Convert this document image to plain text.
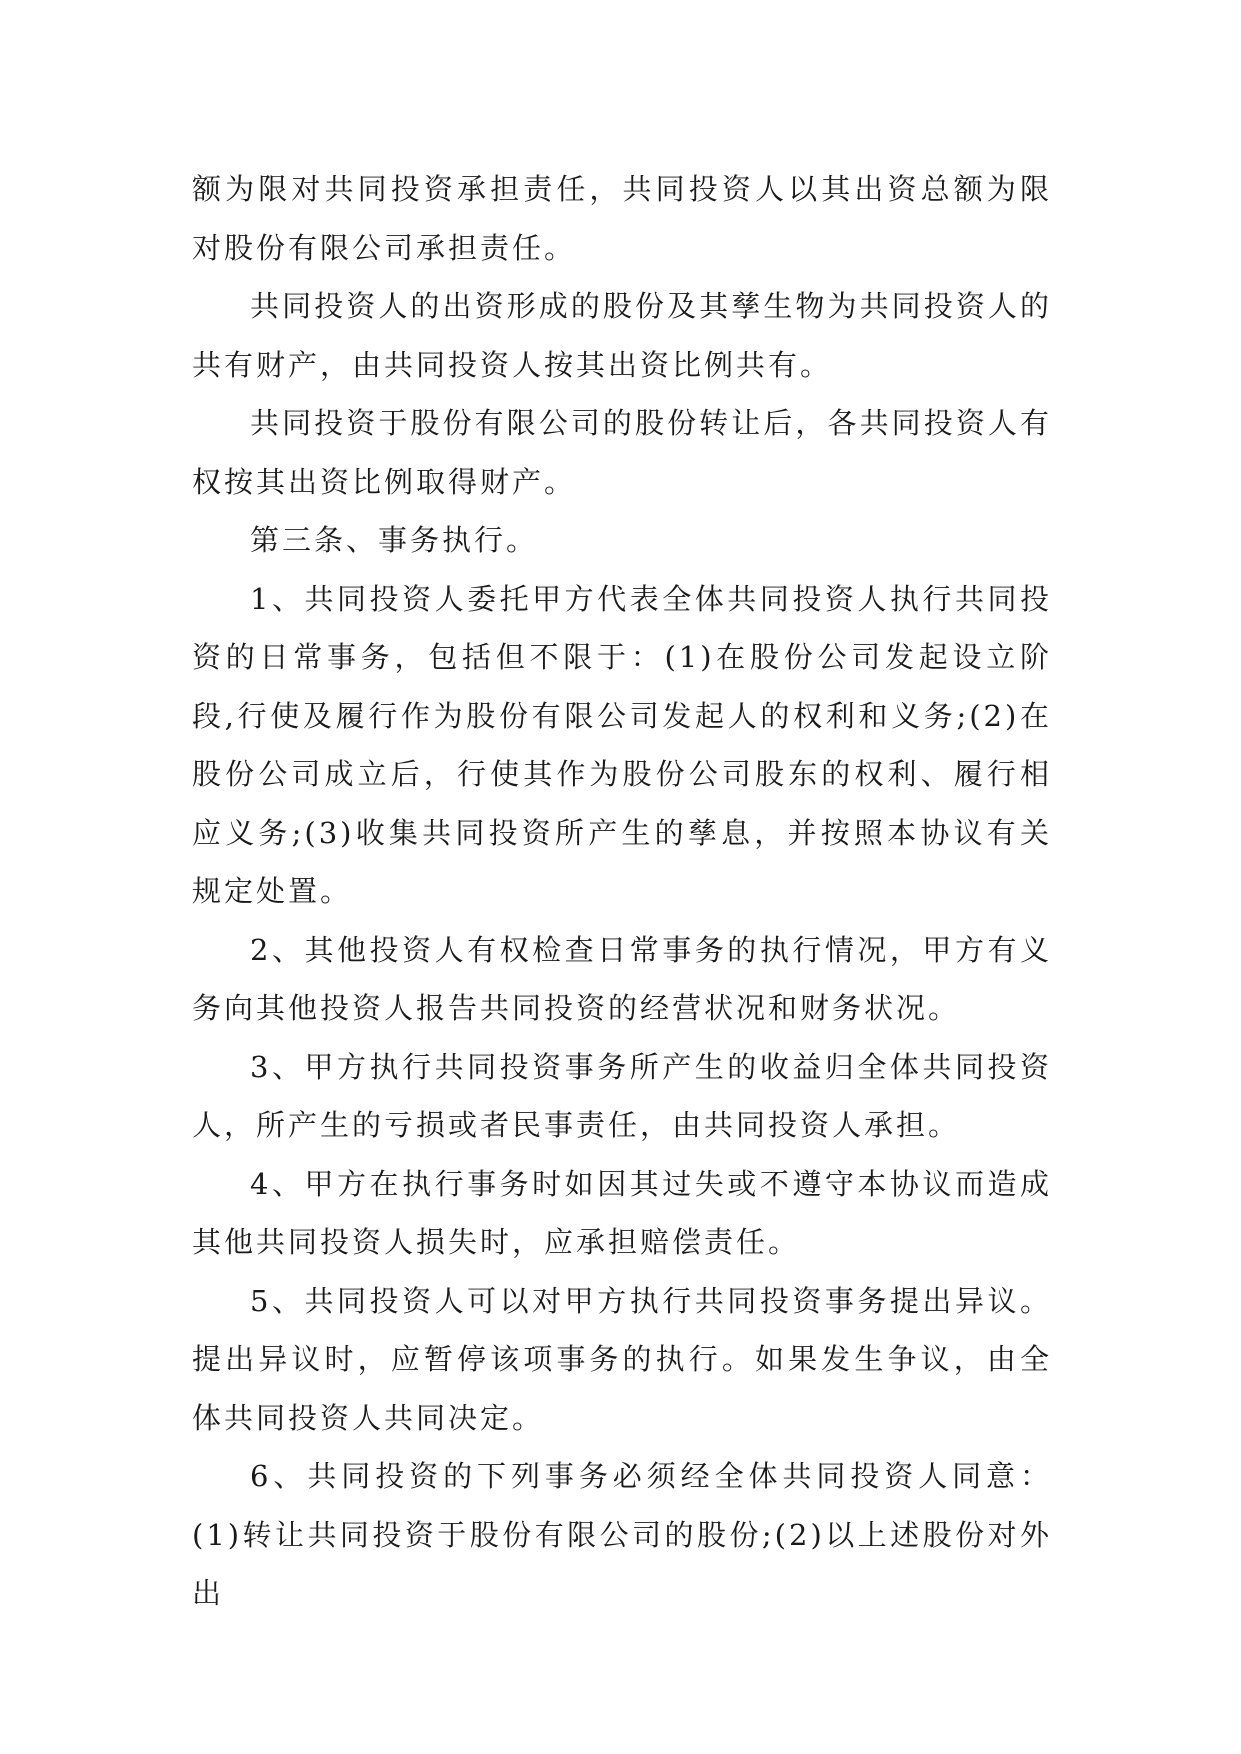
额为限对共同投资承担责任，共同投资人以其出资总额为限对股份有限公司承担责任。

共同投资人的出资形成的股份及其孳生物为共同投资人的共有财产，由共同投资人按其出资比例共有。

共同投资于股份有限公司的股份转让后，各共同投资人有权按其出资比例取得财产。

第三条、事务执行。

1、共同投资人委托甲方代表全体共同投资人执行共同投资的日常事务，包括但不限于：(1)在股份公司发起设立阶段,行使及履行作为股份有限公司发起人的权利和义务;(2)在股份公司成立后，行使其作为股份公司股东的权利、履行相应义务;(3)收集共同投资所产生的孳息，并按照本协议有关规定处置。

2、其他投资人有权检查日常事务的执行情况，甲方有义务向其他投资人报告共同投资的经营状况和财务状况。

3、甲方执行共同投资事务所产生的收益归全体共同投资人，所产生的亏损或者民事责任，由共同投资人承担。

4、甲方在执行事务时如因其过失或不遵守本协议而造成其他共同投资人损失时，应承担赔偿责任。

5、共同投资人可以对甲方执行共同投资事务提出异议。提出异议时，应暂停该项事务的执行。如果发生争议，由全体共同投资人共同决定。

6、共同投资的下列事务必须经全体共同投资人同意：(1)转让共同投资于股份有限公司的股份;(2)以上述股份对外出
